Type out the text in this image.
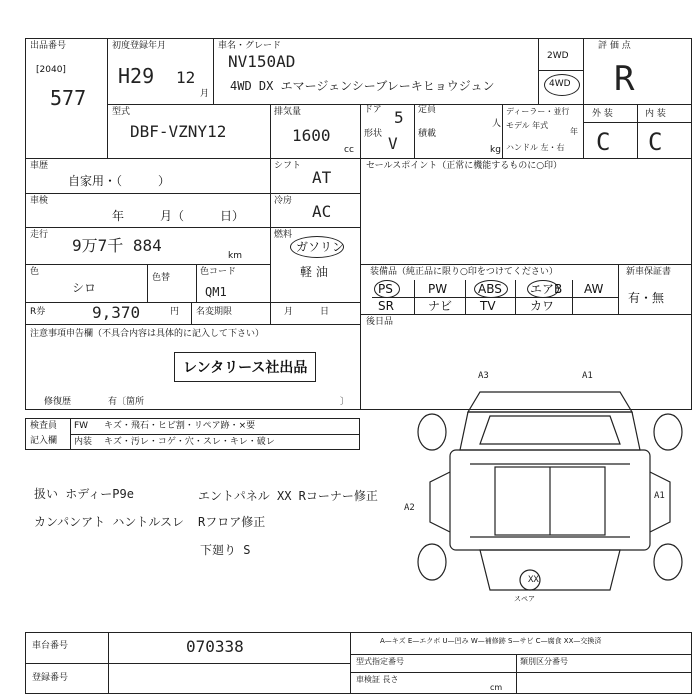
出品番号
[2040]
577
初度登録年月
H29 12
月
車名・グレード
NV150AD
4WD DX エマージェンシーブレーキヒョウジュン
2WD
4WD
評 価 点
R
型式
DBF-VZNY12
排気量
1600
cc
ドア 5
形状 V
定員
人
積載
kg
ディーラー・並行
モデル 年式
年
ハンドル 左・右
外 装	内 装
C C
車歴
自家用・（　　　）
車検
年　　　月（　　　日）
走行
9万7千 884
km
色
シロ
色替
色コード
QM1
R券	9,370	円 名変期限	月　　　日
シフト
AT
冷房
AC
燃料
ガソリン
軽 油
セールスポイント（正常に機能するものに○印）
装備品（純正品に限り○印をつけてください）	新車保証書
有・無
PS	PW	ABS エアB AW
SR	ナビ TV	カワ
後日品
注意事項申告欄（不具合内容は具体的に記入して下さい）
レンタリース社出品
修復歴	有〔箇所	〕
検査員
記入欄
FW キズ・飛石・ヒビ割・リペア跡・×要
内装 キズ・汚レ・コゲ・穴・スレ・キレ・破レ
扱い ホディーP9e	エントパネル XX Rコーナー修正
カンパンアト ハントルスレ Rフロア修正
下廻り S
A3	A1
A2
A1
XX
スペア
車台番号	070338
登録番号
A—キズ E—エクボ U—凹み W—補修跡 S—サビ C—腐食 XX—交換済
型式指定番号	類別区分番号
車検証 長さ
cm
